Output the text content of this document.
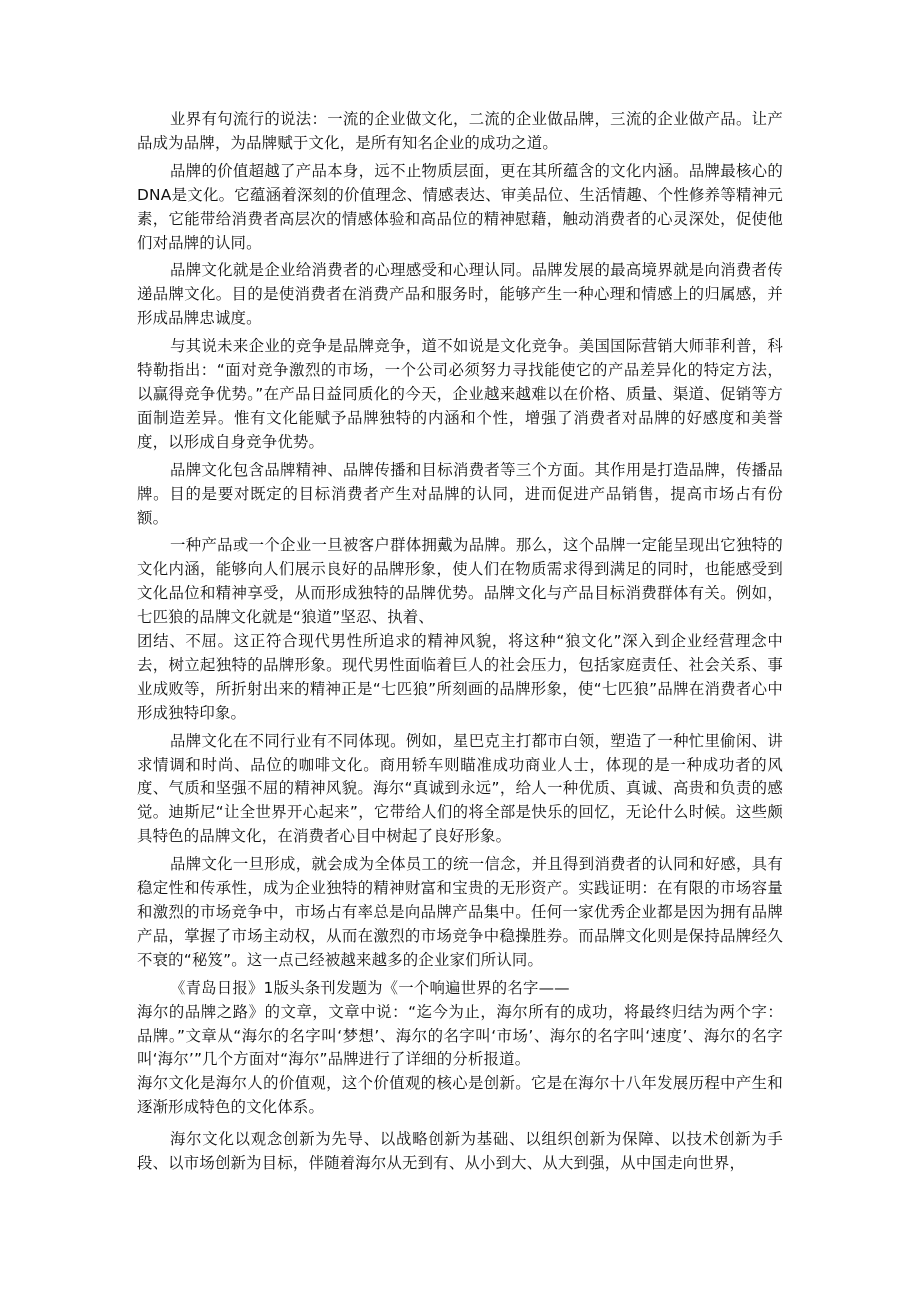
业界有句流行的说法：一流的企业做文化，二流的企业做品牌，三流的企业做产品。让产品成为品牌，为品牌赋于文化，是所有知名企业的成功之道。

品牌的价值超越了产品本身，远不止物质层面，更在其所蕴含的文化内涵。品牌最核心的DNA是文化。它蕴涵着深刻的价值理念、情感表达、审美品位、生活情趣、个性修养等精神元素，它能带给消费者高层次的情感体验和高品位的精神慰藉，触动消费者的心灵深处，促使他们对品牌的认同。

品牌文化就是企业给消费者的心理感受和心理认同。品牌发展的最高境界就是向消费者传递品牌文化。目的是使消费者在消费产品和服务时，能够产生一种心理和情感上的归属感，并形成品牌忠诚度。

与其说未来企业的竞争是品牌竞争，道不如说是文化竞争。美国国际营销大师菲利普，科特勒指出：“面对竞争激烈的市场，一个公司必须努力寻找能使它的产品差异化的特定方法，以赢得竞争优势。”在产品日益同质化的今天，企业越来越难以在价格、质量、渠道、促销等方面制造差异。惟有文化能赋予品牌独特的内涵和个性，增强了消费者对品牌的好感度和美誉度，以形成自身竞争优势。

品牌文化包含品牌精神、品牌传播和目标消费者等三个方面。其作用是打造品牌，传播品牌。目的是要对既定的目标消费者产生对品牌的认同，进而促进产品销售，提高市场占有份额。

一种产品或一个企业一旦被客户群体拥戴为品牌。那么，这个品牌一定能呈现出它独特的文化内涵，能够向人们展示良好的品牌形象，使人们在物质需求得到满足的同时，也能感受到文化品位和精神享受，从而形成独特的品牌优势。品牌文化与产品目标消费群体有关。例如，七匹狼的品牌文化就是“狼道”坚忍、执着、

团结、不屈。这正符合现代男性所追求的精神风貌，将这种“狼文化”深入到企业经营理念中去，树立起独特的品牌形象。现代男性面临着巨人的社会压力，包括家庭责任、社会关系、事业成败等，所折射出来的精神正是“七匹狼”所刻画的品牌形象，使“七匹狼”品牌在消费者心中形成独特印象。

品牌文化在不同行业有不同体现。例如，星巴克主打都市白领，塑造了一种忙里偷闲、讲求情调和时尚、品位的咖啡文化。商用轿车则瞄准成功商业人士，体现的是一种成功者的风度、气质和坚强不屈的精神风貌。海尔“真诚到永远”，给人一种优质、真诚、高贵和负责的感觉。迪斯尼“让全世界开心起来”，它带给人们的将全部是快乐的回忆，无论什么时候。这些颇具特色的品牌文化，在消费者心目中树起了良好形象。

品牌文化一旦形成，就会成为全体员工的统一信念，并且得到消费者的认同和好感，具有稳定性和传承性，成为企业独特的精神财富和宝贵的无形资产。实践证明：在有限的市场容量和激烈的市场竞争中，市场占有率总是向品牌产品集中。任何一家优秀企业都是因为拥有品牌产品，掌握了市场主动权，从而在激烈的市场竞争中稳操胜券。而品牌文化则是保持品牌经久不衰的“秘笈”。这一点己经被越来越多的企业家们所认同。

《青岛日报》1版头条刊发题为《一个响遍世界的名字——

海尔的品牌之路》的文章，文章中说：“迄今为止，海尔所有的成功，将最终归结为两个字：品牌。”文章从“海尔的名字叫‘梦想’、海尔的名字叫‘市场’、海尔的名字叫‘速度’、海尔的名字叫‘海尔’”几个方面对“海尔”品牌进行了详细的分析报道。

海尔文化是海尔人的价值观，这个价值观的核心是创新。它是在海尔十八年发展历程中产生和逐渐形成特色的文化体系。

海尔文化以观念创新为先导、以战略创新为基础、以组织创新为保障、以技术创新为手段、以市场创新为目标，伴随着海尔从无到有、从小到大、从大到强，从中国走向世界，
